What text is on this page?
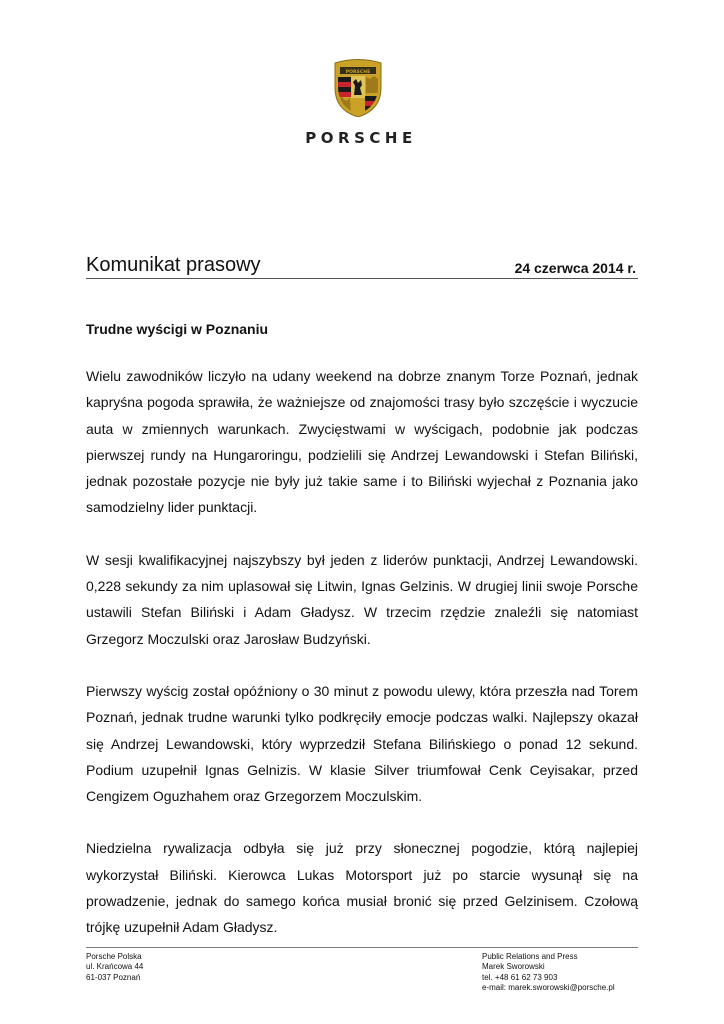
PORSCHE
PORSCHE
Komunikat prasowy	24 czerwca 2014 r.
Trudne wyścigi w Poznaniu

Wielu zawodników liczyło na udany weekend na dobrze znanym Torze Poznań, jednak kapryśna pogoda sprawiła, że ważniejsze od znajomości trasy było szczęście i wyczucie auta w zmiennych warunkach. Zwycięstwami w wyścigach, podobnie jak podczas pierwszej rundy na Hungaroringu, podzielili się Andrzej Lewandowski i Stefan Biliński, jednak pozostałe pozycje nie były już takie same i to Biliński wyjechał z Poznania jako samodzielny lider punktacji.

W sesji kwalifikacyjnej najszybszy był jeden z liderów punktacji, Andrzej Lewandowski. 0,228 sekundy za nim uplasował się Litwin, Ignas Gelzinis. W drugiej linii swoje Porsche ustawili Stefan Biliński i Adam Gładysz. W trzecim rzędzie znaleźli się natomiast Grzegorz Moczulski oraz Jarosław Budzyński.

Pierwszy wyścig został opóźniony o 30 minut z powodu ulewy, która przeszła nad Torem Poznań, jednak trudne warunki tylko podkręciły emocje podczas walki. Najlepszy okazał się Andrzej Lewandowski, który wyprzedził Stefana Bilińskiego o ponad 12 sekund. Podium uzupełnił Ignas Gelnizis. W klasie Silver triumfował Cenk Ceyisakar, przed Cengizem Oguzhahem oraz Grzegorzem Moczulskim.

Niedzielna rywalizacja odbyła się już przy słonecznej pogodzie, którą najlepiej wykorzystał Biliński. Kierowca Lukas Motorsport już po starcie wysunął się na prowadzenie, jednak do samego końca musiał bronić się przed Gelzinisem. Czołową trójkę uzupełnił Adam Gładysz.

Porsche Polska
ul. Krańcowa 44
61-037 Poznań
Public Relations and Press
Marek Sworowski
tel. +48 61 62 73 903
e-mail: marek.sworowski@porsche.pl
